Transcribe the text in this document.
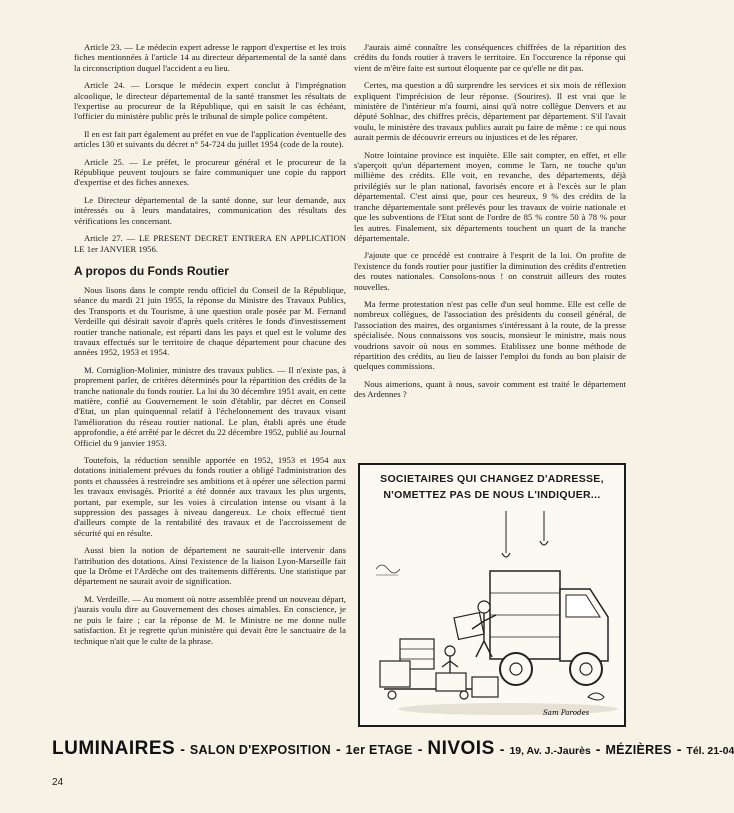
Article 23. — Le médecin expert adresse le rapport d'expertise et les trois fiches mentionnées à l'article 14 au directeur départemental de la santé dans la circonscription duquel l'accident a eu lieu.

Article 24. — Lorsque le médecin expert conclut à l'imprégnation alcoolique, le directeur départemental de la santé transmet les résultats de l'expertise au procureur de la République, qui en saisit le cas échéant, l'officier du ministère public près le tribunal de simple police compétent.

Il en est fait part également au préfet en vue de l'application éventuelle des articles 130 et suivants du décret n° 54-724 du juillet 1954 (code de la route).

Article 25. — Le préfet, le procureur général et le procureur de la République peuvent toujours se faire communiquer une copie du rapport d'expertise et des fiches annexes.

Le Directeur départemental de la santé donne, sur leur demande, aux intéressés ou à leurs mandataires, communication des résultats des vérifications les concernant.

Article 27. — LE PRESENT DECRET ENTRERA EN APPLICATION LE 1er JANVIER 1956.

A propos du Fonds Routier

Nous lisons dans le compte rendu officiel du Conseil de la République, séance du mardi 21 juin 1955, la réponse du Ministre des Travaux Publics, des Transports et du Tourisme, à une question orale posée par M. Fernand Verdeille qui désirait savoir d'après quels critères le fonds d'investissement routier tranche nationale, est réparti dans les pays et quel est le volume des travaux effectués sur le territoire de chaque département pour chacune des années 1952, 1953 et 1954.

M. Corniglion-Molinier, ministre des travaux publics. — Il n'existe pas, à proprement parler, de critères déterminés pour la répartition des crédits de la tranche nationale du fonds routier. La loi du 30 décembre 1951 avait, en cette matière, confié au Gouvernement le soin d'établir, par décret en Conseil d'Etat, un plan quinquennal relatif à l'échelonnement des travaux visant l'amélioration du réseau routier national. Le plan, établi après une étude approfondie, a été arrêté par le décret du 22 décembre 1952, publié au Journal Officiel du 9 janvier 1953.

Toutefois, la réduction sensible apportée en 1952, 1953 et 1954 aux dotations initialement prévues du fonds routier a obligé l'administration des ponts et chaussées à restreindre ses ambitions et à opérer une sélection parmi les travaux envisagés. Priorité a été donnée aux travaux les plus urgents, portant, par exemple, sur les voies à circulation intense ou visant à la suppression des passages à niveau dangereux. Le choix effectué tient d'ailleurs compte de la rentabilité des travaux et de l'accroissement de sécurité qui en résulte.

Aussi bien la notion de département ne saurait-elle intervenir dans l'attribution des dotations. Ainsi l'existence de la liaison Lyon-Marseille fait que la Drôme et l'Ardèche ont des traitements différents. Une statistique par département ne saurait avoir de signification.

M. Verdeille. — Au moment où notre assemblée prend un nouveau départ, j'aurais voulu dire au Gouvernement des choses aimables. En conscience, je ne puis le faire ; car la réponse de M. le Ministre ne me donne nulle satisfaction. Et je regrette qu'un ministère qui devait être le sanctuaire de la technique n'ait que le culte de la phrase.

J'aurais aimé connaître les conséquences chiffrées de la répartition des crédits du fonds routier à travers le territoire. En l'occurence la réponse qui vient de m'être faite est surtout éloquente par ce qu'elle ne dit pas.

Certes, ma question a dû surprendre les services et six mois de réflexion expliquent l'imprécision de leur réponse. (Sourires). Il est vrai que le ministère de l'intérieur m'a fourni, ainsi qu'à notre collègue Denvers et au député Sohlnac, des chiffres précis, département par département. S'il l'avait voulu, le ministère des travaux publics aurait pu faire de même : ce qui nous aurait permis de découvrir erreurs ou injustices et de les réparer.

Notre lointaine province est inquiète. Elle sait compter, en effet, et elle s'aperçoit qu'un département moyen, comme le Tarn, ne touche qu'un millième des crédits. Elle voit, en revanche, des départements, déjà privilégiés sur le plan national, favorisés encore et à l'excès sur le plan départemental. C'est ainsi que, pour ces heureux, 9 % des crédits de la tranche départementale sont prélevés pour les travaux de voirie nationale et que les subventions de l'Etat sont de l'ordre de 85 % contre 50 à 78 % pour les autres. Finalement, six départements touchent un quart de la tranche départementale.

J'ajoute que ce procédé est contraire à l'esprit de la loi. On profite de l'existence du fonds routier pour justifier la diminution des crédits d'entretien des routes nationales. Consolons-nous ! on construit ailleurs des routes nouvelles.

Ma ferme protestation n'est pas celle d'un seul homme. Elle est celle de nombreux collègues, de l'association des présidents du conseil général, de l'association des maires, des organismes s'intéressant à la route, de la presse spécialisée. Nous connaissons vos soucis, monsieur le ministre, mais nous voudrions savoir où nous en sommes. Etablissez une bonne méthode de répartition des crédits, au lieu de laisser l'emploi du fonds au bon plaisir de quelques commissions.

Nous aimerions, quant à nous, savoir comment est traité le département des Ardennes ?

SOCIETAIRES QUI CHANGEZ D'ADRESSE,
N'OMETTEZ PAS DE NOUS L'INDIQUER...
Sam Parodes
LUMINAIRES - SALON D'EXPOSITION - 1er ETAGE - NIVOIS - 19, Av. J.-Jaurès - MÉZIÈRES - Tél. 21-04
24
